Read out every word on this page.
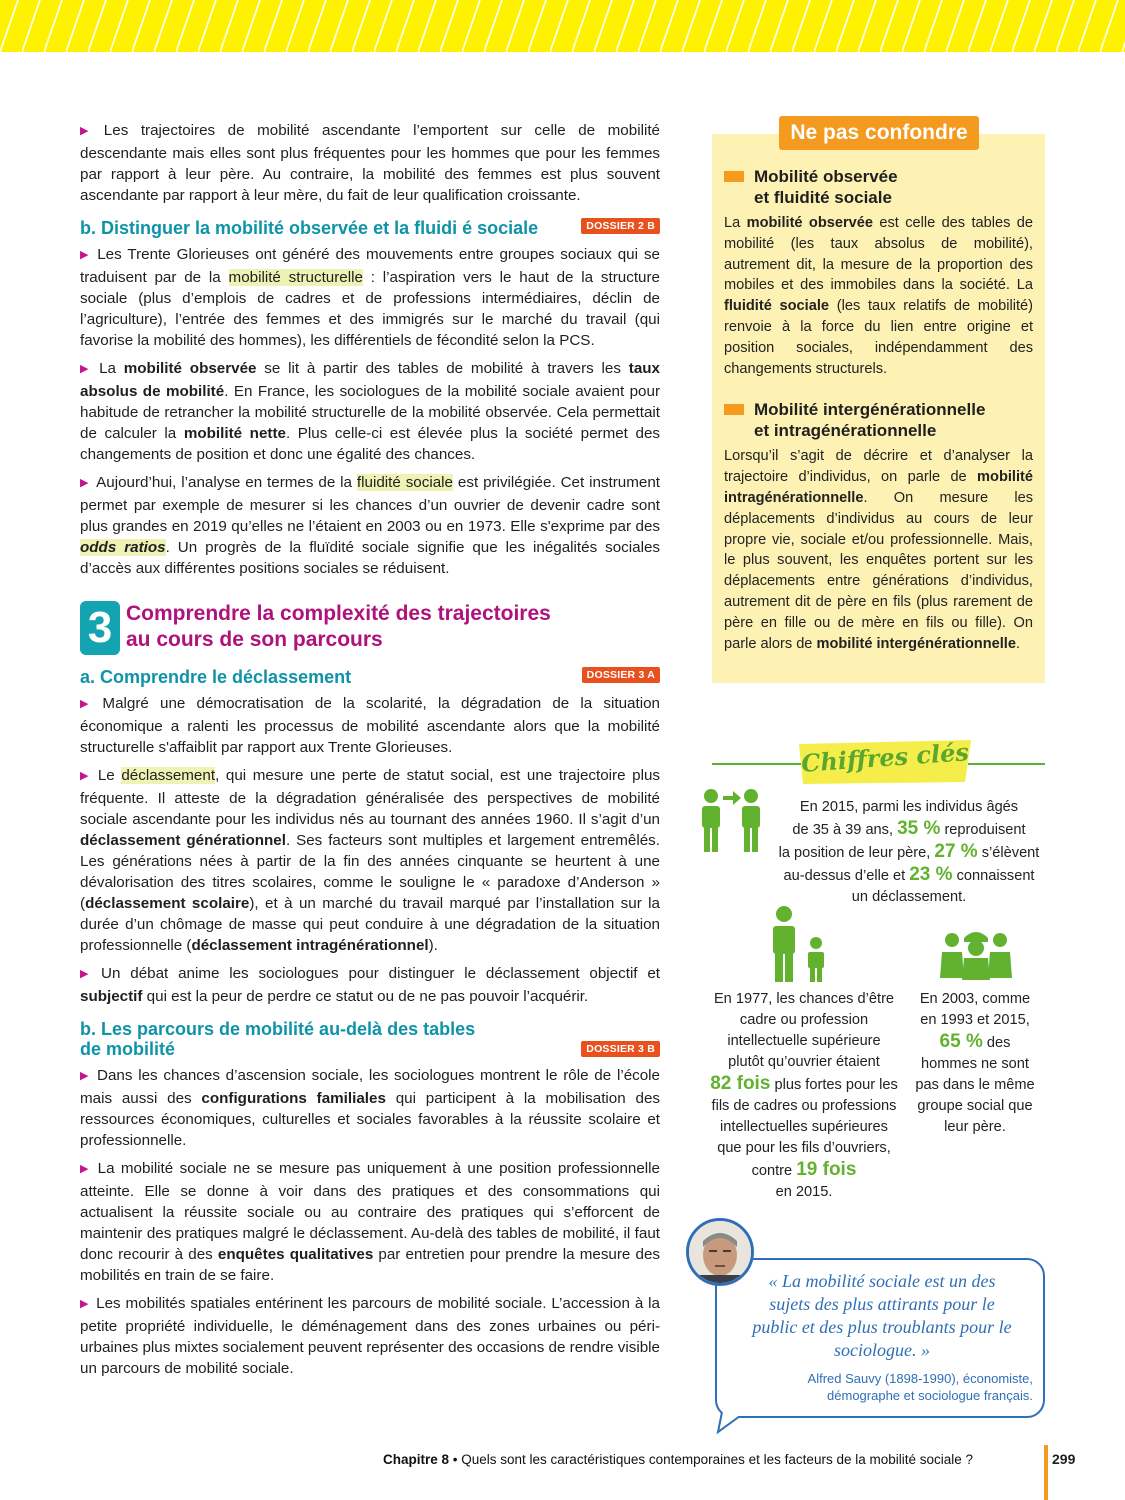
▶ Les trajectoires de mobilité ascendante l’emportent sur celle de mobilité descendante mais elles sont plus fréquentes pour les hommes que pour les femmes par rapport à leur père. Au contraire, la mobilité des femmes est plus souvent ascendante par rapport à leur mère, du fait de leur qualification croissante.

b. Distinguer la mobilité observée et la fluidi é sociale	DOSSIER 2 B

▶ Les Trente Glorieuses ont généré des mouvements entre groupes sociaux qui se traduisent par de la mobilité structurelle : l’aspiration vers le haut de la structure sociale (plus d’emplois de cadres et de professions intermédiaires, déclin de l’agriculture), l’entrée des femmes et des immigrés sur le marché du travail (qui favorise la mobilité des hommes), les différentiels de fécondité selon la PCS.

▶ La mobilité observée se lit à partir des tables de mobilité à travers les taux absolus de mobilité. En France, les sociologues de la mobilité sociale avaient pour habitude de retrancher la mobilité structurelle de la mobilité observée. Cela permettait de calculer la mobilité nette. Plus celle-ci est élevée plus la société permet des changements de position et donc une égalité des chances.

▶ Aujourd’hui, l’analyse en termes de la fluidité sociale est privilégiée. Cet instrument permet par exemple de mesurer si les chances d’un ouvrier de devenir cadre sont plus grandes en 2019 qu’elles ne l’étaient en 2003 ou en 1973. Elle s'exprime par des odds ratios. Un progrès de la fluïdité sociale signifie que les inégalités sociales d’accès aux différentes positions sociales se réduisent.

3 Comprendre la complexité des trajectoires
au cours de son parcours
a. Comprendre le déclassement	DOSSIER 3 A

▶ Malgré une démocratisation de la scolarité, la dégradation de la situation économique a ralenti les processus de mobilité ascendante alors que la mobilité structurelle s'affaiblit par rapport aux Trente Glorieuses.

▶ Le déclassement, qui mesure une perte de statut social, est une trajectoire plus fréquente. Il atteste de la dégradation généralisée des perspectives de mobilité sociale ascendante pour les individus nés au tournant des années 1960. Il s’agit d’un déclassement générationnel. Ses facteurs sont multiples et largement entremêlés. Les générations nées à partir de la fin des années cinquante se heurtent à une dévalorisation des titres scolaires, comme le souligne le « paradoxe d’Anderson » (déclassement scolaire), et à un marché du travail marqué par l’installation sur la durée d’un chômage de masse qui peut conduire à une dégradation de la situation professionnelle (déclassement intragénérationnel).

▶ Un débat anime les sociologues pour distinguer le déclassement objectif et subjectif qui est la peur de perdre ce statut ou de ne pas pouvoir l’acquérir.

b. Les parcours de mobilité au-delà des tables
de mobilité	DOSSIER 3 B

▶ Dans les chances d’ascension sociale, les sociologues montrent le rôle de l’école mais aussi des configurations familiales qui participent à la mobilisation des ressources économiques, culturelles et sociales favorables à la réussite scolaire et professionnelle.

▶ La mobilité sociale ne se mesure pas uniquement à une position professionnelle atteinte. Elle se donne à voir dans des pratiques et des consommations qui actualisent la réussite sociale ou au contraire des pratiques qui s’efforcent de maintenir des pratiques malgré le déclassement. Au-delà des tables de mobilité, il faut donc recourir à des enquêtes qualitatives par entretien pour prendre la mesure des mobilités en train de se faire.

▶ Les mobilités spatiales entérinent les parcours de mobilité sociale. L’accession à la petite propriété individuelle, le déménagement dans des zones urbaines ou péri-urbaines plus mixtes socialement peuvent représenter des occasions de rendre visible un parcours de mobilité sociale.

Ne pas confondre
Mobilité observée
et fluidité sociale

La mobilité observée est celle des tables de mobilité (les taux absolus de mobilité), autrement dit, la mesure de la proportion des mobiles et des immobiles dans la société. La fluidité sociale (les taux relatifs de mobilité) renvoie à la force du lien entre origine et position sociales, indépendamment des changements structurels.

Mobilité intergénérationnelle
et intragénérationnelle

Lorsqu’il s’agit de décrire et d’analyser la trajectoire d’individus, on parle de mobilité intragénérationnelle. On mesure les déplacements d’individus au cours de leur propre vie, sociale et/ou professionnelle. Mais, le plus souvent, les enquêtes portent sur les déplacements entre générations d’individus, autrement dit de père en fils (plus rarement de père en fille ou de mère en fils ou fille). On parle alors de mobilité intergénérationnelle.

Chiffres clés
En 2015, parmi les individus âgés
de 35 à 39 ans, 35 % reproduisent
la position de leur père, 27 % s’élèvent
au-dessus d’elle et 23 % connaissent
un déclassement.
En 1977, les chances d’être cadre ou profession intellectuelle supérieure plutôt qu’ouvrier étaient
82 fois plus fortes pour les fils de cadres ou professions intellectuelles supérieures que pour les fils d’ouvriers, contre 19 fois
en 2015.
En 2003, comme en 1993 et 2015,
65 % des hommes ne sont pas dans le même groupe social que leur père.
« La mobilité sociale est un des sujets des plus attirants pour le public et des plus troublants pour le sociologue. »
Alfred Sauvy (1898-1990), économiste,
démographe et sociologue français.
Chapitre 8 • Quels sont les caractéristiques contemporaines et les facteurs de la mobilité sociale ?	299
